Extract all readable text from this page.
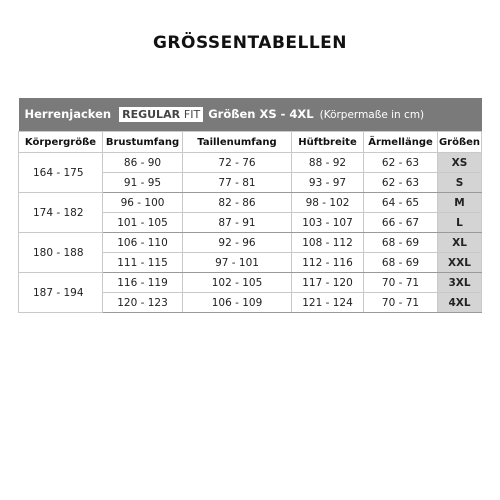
GRÖSSENTABELLEN
Herrenjacken REGULAR FIT Größen XS - 4XL (Körpermaße in cm)					
Körpergröße	Brustumfang	Taillenumfang	Hüftbreite	Ärmellänge	Größen
164 - 175	86 - 90	72 - 76	88 - 92	62 - 63	XS
	91 - 95	77 - 81	93 - 97	62 - 63	S
174 - 182	96 - 100	82 - 86	98 - 102	64 - 65	M
	101 - 105	87 - 91	103 - 107	66 - 67	L
180 - 188	106 - 110	92 - 96	108 - 112	68 - 69	XL
	111 - 115	97 - 101	112 - 116	68 - 69	XXL
187 - 194	116 - 119	102 - 105	117 - 120	70 - 71	3XL
	120 - 123	106 - 109	121 - 124	70 - 71	4XL
